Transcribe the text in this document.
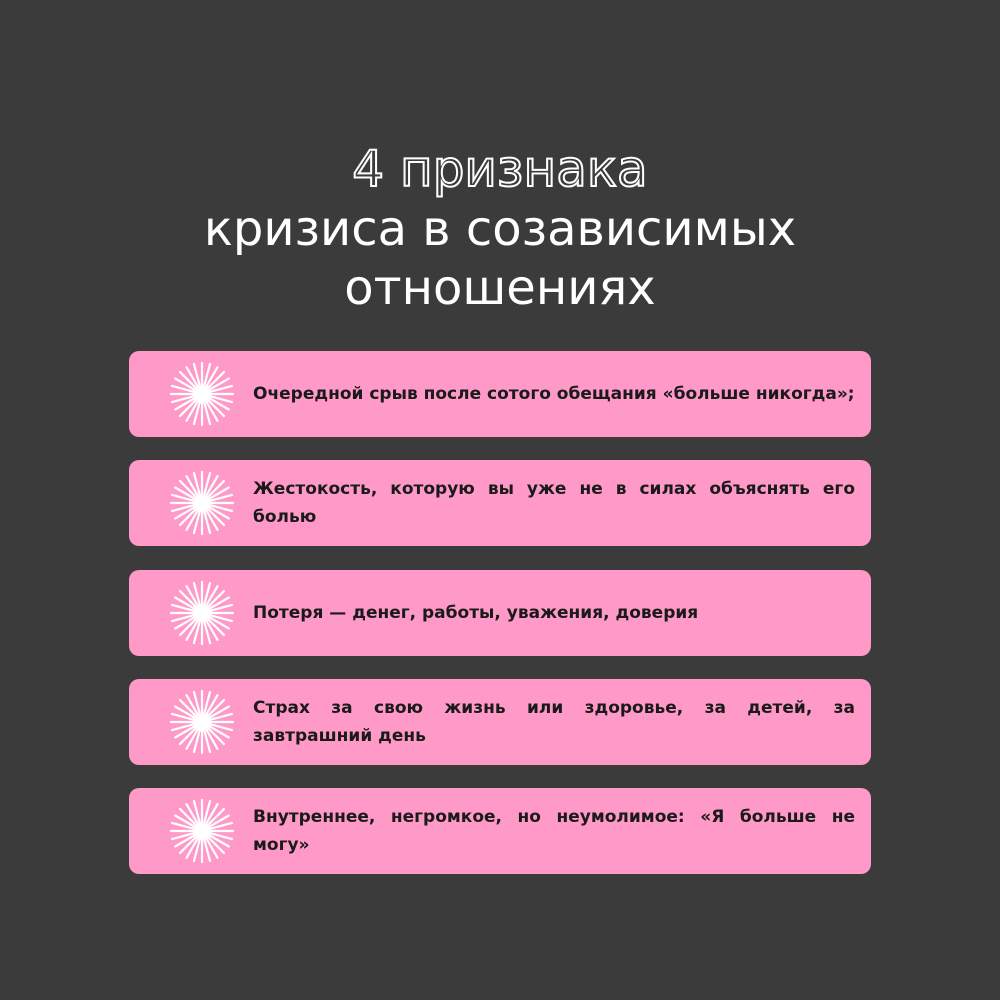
4 признака
кризиса в созависимых
отношениях
Очередной срыв после сотого обещания «больше никогда»;
Жестокость, которую вы уже не в силах объяснять его болью
Потеря — денег, работы, уважения, доверия
Страх за свою жизнь или здоровье, за детей, за завтрашний день
Внутреннее, негромкое, но неумолимое: «Я больше не могу»
